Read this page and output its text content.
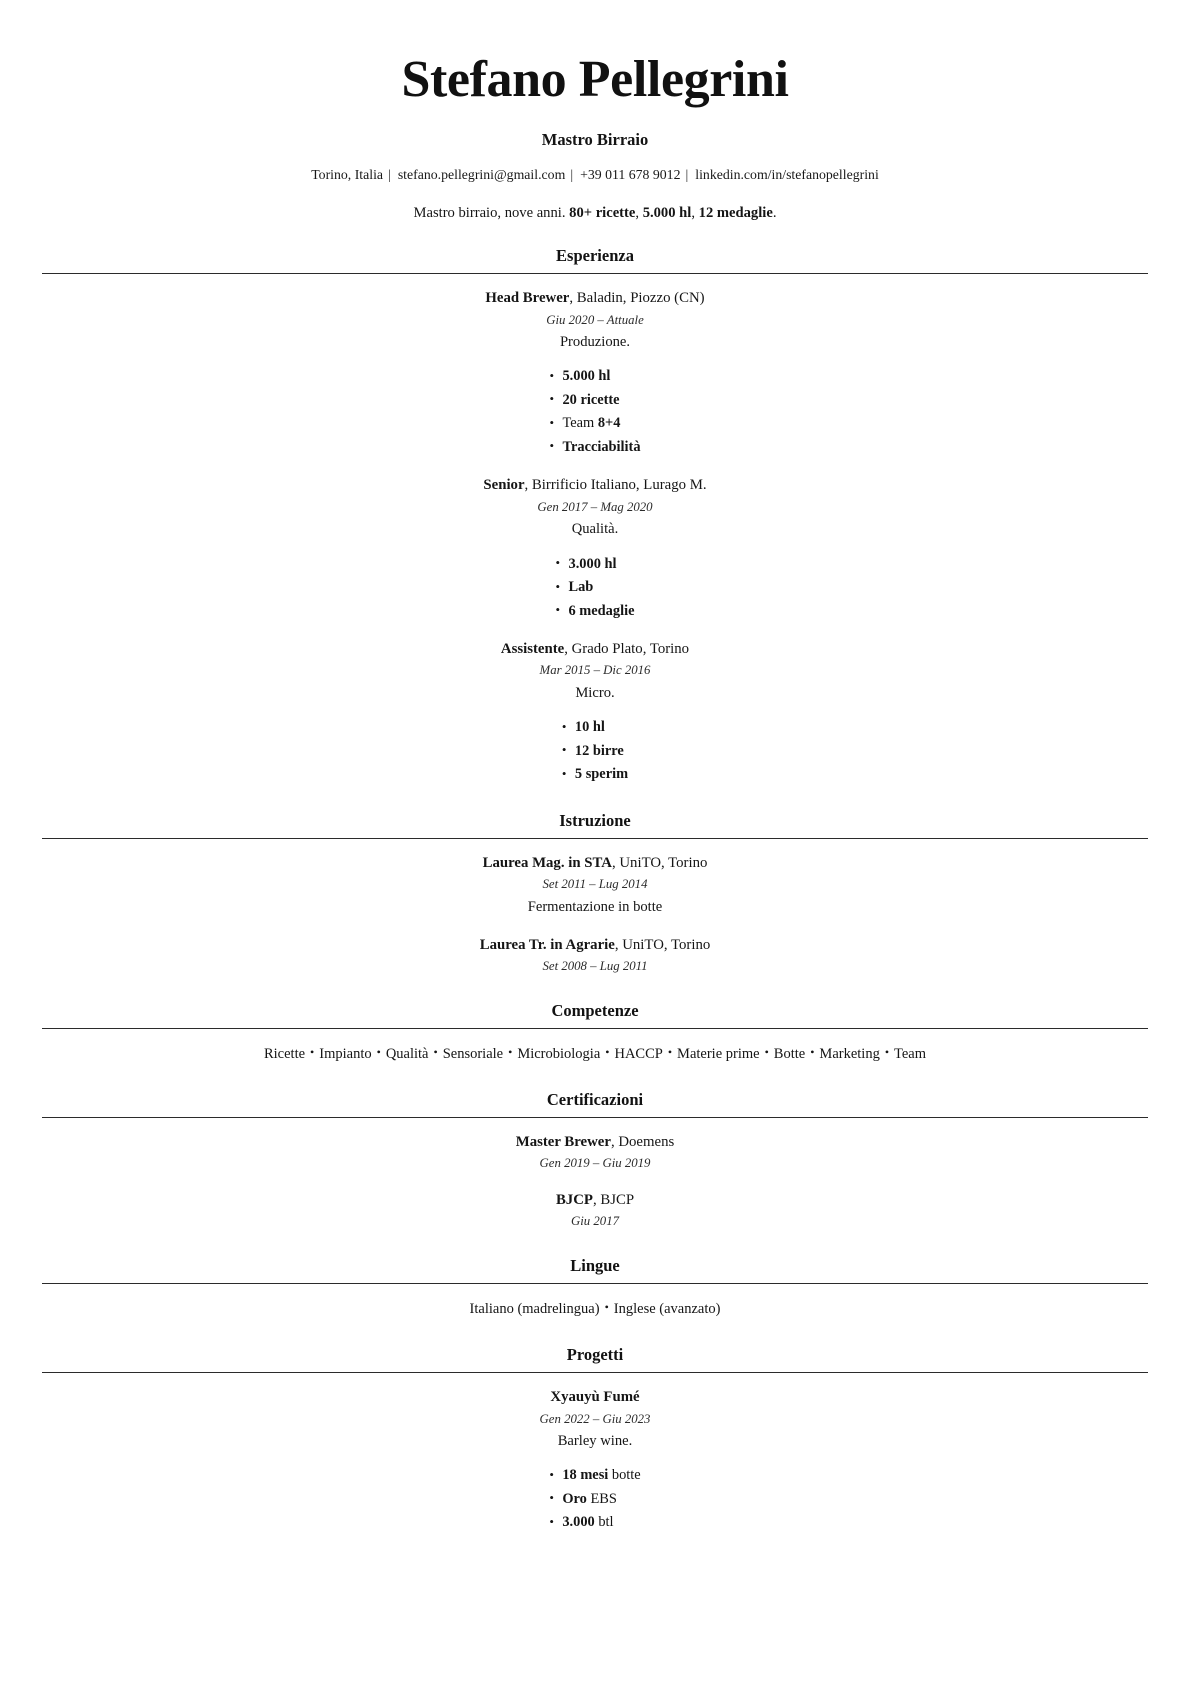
Stefano Pellegrini
Mastro Birraio
Torino, Italia | stefano.pellegrini@gmail.com | +39 011 678 9012 | linkedin.com/in/stefanopellegrini
Mastro birraio, nove anni. 80+ ricette, 5.000 hl, 12 medaglie.
Esperienza
Head Brewer, Baladin, Piozzo (CN)
Giu 2020 – Attuale
Produzione.
• 5.000 hl
• 20 ricette
• Team 8+4
• Tracciabilità
Senior, Birrificio Italiano, Lurago M.
Gen 2017 – Mag 2020
Qualità.
• 3.000 hl
• Lab
• 6 medaglie
Assistente, Grado Plato, Torino
Mar 2015 – Dic 2016
Micro.
• 10 hl
• 12 birre
• 5 sperim
Istruzione
Laurea Mag. in STA, UniTO, Torino
Set 2011 – Lug 2014
Fermentazione in botte
Laurea Tr. in Agrarie, UniTO, Torino
Set 2008 – Lug 2011
Competenze
Ricette • Impianto • Qualità • Sensoriale • Microbiologia • HACCP • Materie prime • Botte • Marketing • Team
Certificazioni
Master Brewer, Doemens
Gen 2019 – Giu 2019
BJCP, BJCP
Giu 2017
Lingue
Italiano (madrelingua) • Inglese (avanzato)
Progetti
Xyauyù Fumé
Gen 2022 – Giu 2023
Barley wine.
• 18 mesi botte
• Oro EBS
• 3.000 btl
